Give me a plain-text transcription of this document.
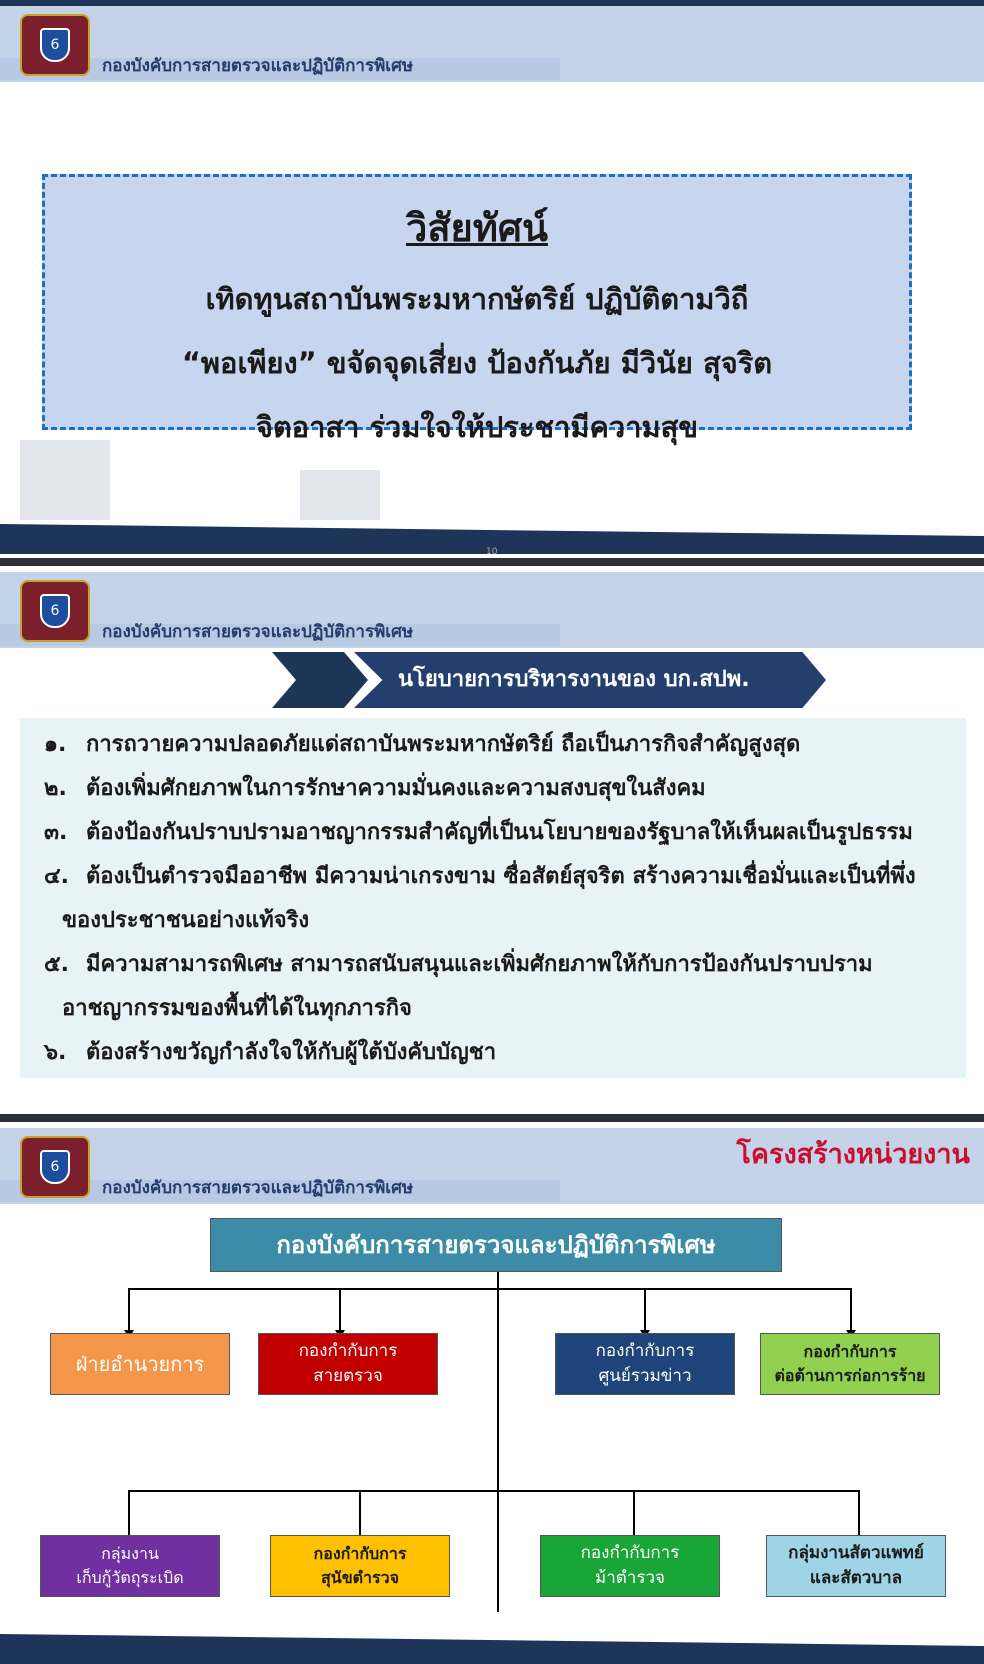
6
กองบังคับการสายตรวจและปฏิบัติการพิเศษ
วิสัยทัศน์
เทิดทูนสถาบันพระมหากษัตริย์ ปฏิบัติตามวิถี
“พอเพียง” ขจัดจุดเสี่ยง ป้องกันภัย มีวินัย สุจริต
จิตอาสา ร่วมใจให้ประชามีความสุข
10
6
กองบังคับการสายตรวจและปฏิบัติการพิเศษ
นโยบายการบริหารงานของ บก.สปพ.
๑. การถวายความปลอดภัยแด่สถาบันพระมหากษัตริย์ ถือเป็นภารกิจสำคัญสูงสุด
๒. ต้องเพิ่มศักยภาพในการรักษาความมั่นคงและความสงบสุขในสังคม
๓. ต้องป้องกันปราบปรามอาชญากรรมสำคัญที่เป็นนโยบายของรัฐบาลให้เห็นผลเป็นรูปธรรม
๔. ต้องเป็นตำรวจมืออาชีพ มีความน่าเกรงขาม ซื่อสัตย์สุจริต สร้างความเชื่อมั่นและเป็นที่พึ่ง
ของประชาชนอย่างแท้จริง
๕. มีความสามารถพิเศษ สามารถสนับสนุนและเพิ่มศักยภาพให้กับการป้องกันปราบปราม
อาชญากรรมของพื้นที่ได้ในทุกภารกิจ
๖. ต้องสร้างขวัญกำลังใจให้กับผู้ใต้บังคับบัญชา
6
กองบังคับการสายตรวจและปฏิบัติการพิเศษ
โครงสร้างหน่วยงาน
กองบังคับการสายตรวจและปฏิบัติการพิเศษ
ฝ่ายอำนวยการ
กองกำกับการ
สายตรวจ
กองกำกับการ
ศูนย์รวมข่าว
กองกำกับการ
ต่อต้านการก่อการร้าย
กลุ่มงาน
เก็บกู้วัตถุระเบิด
กองกำกับการ
สุนัขตำรวจ
กองกำกับการ
ม้าตำรวจ
กลุ่มงานสัตวแพทย์
และสัตวบาล
